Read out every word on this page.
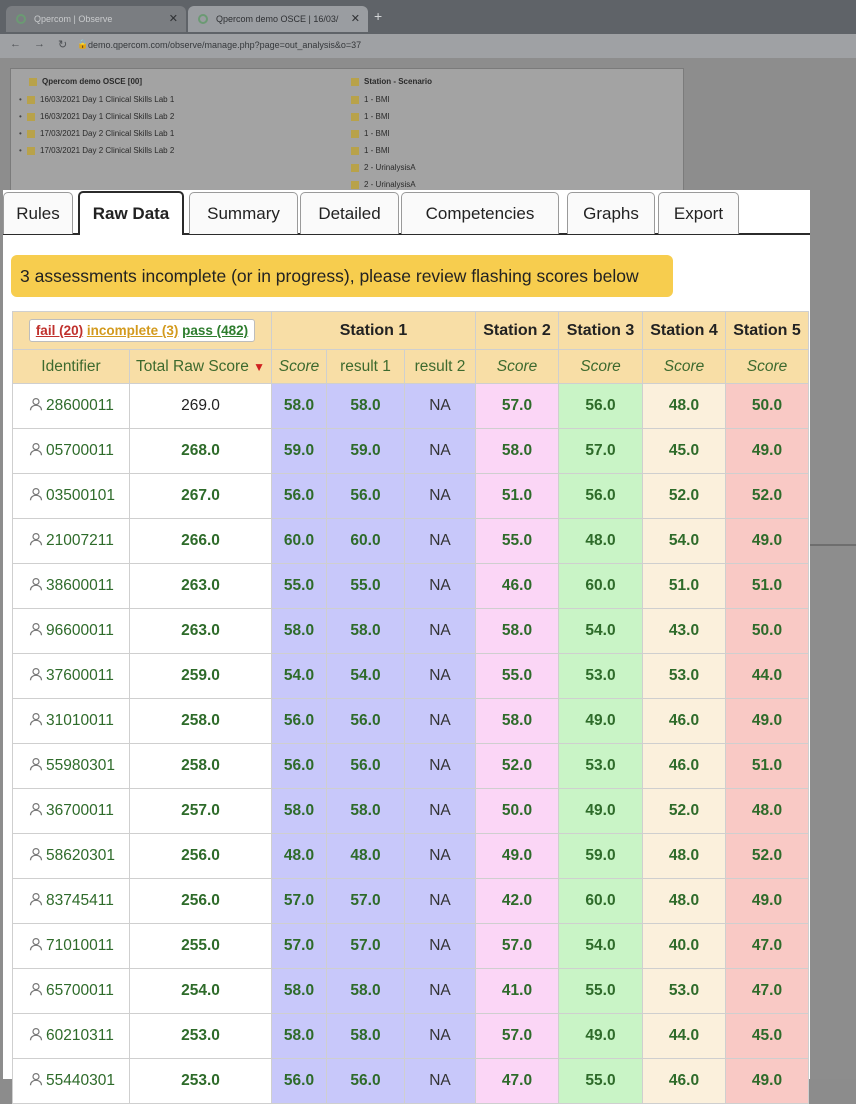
Qpercom | Observe	✕	Qpercom demo OSCE | 16/03/ ✕ +
← → ↻ 🔒 demo.qpercom.com/observe/manage.php?page=out_analysis&o=37
Qpercom demo OSCE [00]
• 16/03/2021 Day 1 Clinical Skills Lab 1
• 16/03/2021 Day 1 Clinical Skills Lab 2
• 17/03/2021 Day 2 Clinical Skills Lab 1
• 17/03/2021 Day 2 Clinical Skills Lab 2
Station - Scenario
1 - BMI
1 - BMI
1 - BMI
1 - BMI
2 - UrinalysisA
2 - UrinalysisA
Rules	Raw Data	Summary	Detailed	Competencies	Graphs	Export
3 assessments incomplete (or in progress), please review flashing scores below
fail (20) incomplete (3) pass (482)		Station 1			Station 2	Station 3	Station 4	Station 5
Identifier	Total Raw Score ▼	Score	result 1	result 2	Score	Score	Score	Score
28600011	269.0	58.0	58.0	NA	57.0	56.0	48.0	50.0
05700011	268.0	59.0	59.0	NA	58.0	57.0	45.0	49.0
03500101	267.0	56.0	56.0	NA	51.0	56.0	52.0	52.0
21007211	266.0	60.0	60.0	NA	55.0	48.0	54.0	49.0
38600011	263.0	55.0	55.0	NA	46.0	60.0	51.0	51.0
96600011	263.0	58.0	58.0	NA	58.0	54.0	43.0	50.0
37600011	259.0	54.0	54.0	NA	55.0	53.0	53.0	44.0
31010011	258.0	56.0	56.0	NA	58.0	49.0	46.0	49.0
55980301	258.0	56.0	56.0	NA	52.0	53.0	46.0	51.0
36700011	257.0	58.0	58.0	NA	50.0	49.0	52.0	48.0
58620301	256.0	48.0	48.0	NA	49.0	59.0	48.0	52.0
83745411	256.0	57.0	57.0	NA	42.0	60.0	48.0	49.0
71010011	255.0	57.0	57.0	NA	57.0	54.0	40.0	47.0
65700011	254.0	58.0	58.0	NA	41.0	55.0	53.0	47.0
60210311	253.0	58.0	58.0	NA	57.0	49.0	44.0	45.0
55440301	253.0	56.0	56.0	NA	47.0	55.0	46.0	49.0
